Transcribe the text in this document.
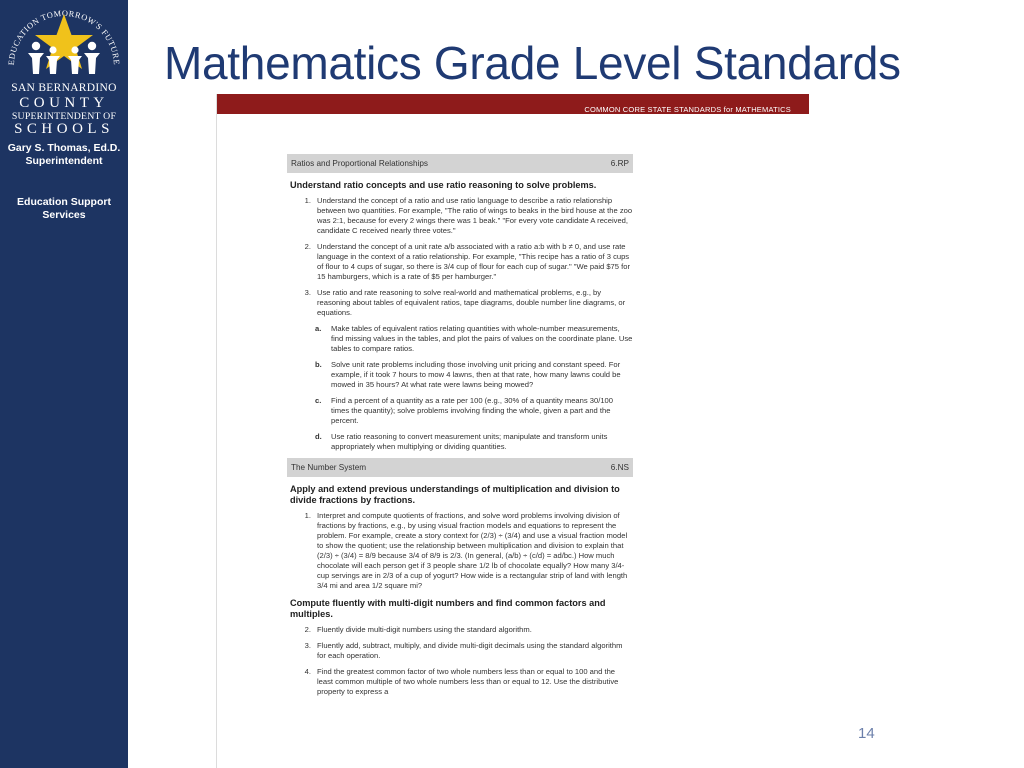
EDUCATION TOMORROW'S FUTURE
SAN BERNARDINO
COUNTY
SUPERINTENDENT OF
SCHOOLS
Gary S. Thomas, Ed.D.
Superintendent
Education Support
Services
Mathematics Grade Level Standards
COMMON CORE STATE STANDARDS for MATHEMATICS
Ratios and Proportional Relationships	6.RP
Understand ratio concepts and use ratio reasoning to solve problems.
1. Understand the concept of a ratio and use ratio language to describe a ratio relationship between two quantities. For example, "The ratio of wings to beaks in the bird house at the zoo was 2:1, because for every 2 wings there was 1 beak." "For every vote candidate A received, candidate C received nearly three votes."
2. Understand the concept of a unit rate a/b associated with a ratio a:b with b ≠ 0, and use rate language in the context of a ratio relationship. For example, "This recipe has a ratio of 3 cups of flour to 4 cups of sugar, so there is 3/4 cup of flour for each cup of sugar." "We paid $75 for 15 hamburgers, which is a rate of $5 per hamburger."
3. Use ratio and rate reasoning to solve real-world and mathematical problems, e.g., by reasoning about tables of equivalent ratios, tape diagrams, double number line diagrams, or equations.
a.	Make tables of equivalent ratios relating quantities with whole-number measurements, find missing values in the tables, and plot the pairs of values on the coordinate plane. Use tables to compare ratios.
b.	Solve unit rate problems including those involving unit pricing and constant speed. For example, if it took 7 hours to mow 4 lawns, then at that rate, how many lawns could be mowed in 35 hours? At what rate were lawns being mowed?
c.	Find a percent of a quantity as a rate per 100 (e.g., 30% of a quantity means 30/100 times the quantity); solve problems involving finding the whole, given a part and the percent.
d.	Use ratio reasoning to convert measurement units; manipulate and transform units appropriately when multiplying or dividing quantities.
The Number System	6.NS
Apply and extend previous understandings of multiplication and division to divide fractions by fractions.
1. Interpret and compute quotients of fractions, and solve word problems involving division of fractions by fractions, e.g., by using visual fraction models and equations to represent the problem. For example, create a story context for (2/3) ÷ (3/4) and use a visual fraction model to show the quotient; use the relationship between multiplication and division to explain that (2/3) ÷ (3/4) = 8/9 because 3/4 of 8/9 is 2/3. (In general, (a/b) ÷ (c/d) = ad/bc.) How much chocolate will each person get if 3 people share 1/2 lb of chocolate equally? How many 3/4-cup servings are in 2/3 of a cup of yogurt? How wide is a rectangular strip of land with length 3/4 mi and area 1/2 square mi?
Compute fluently with multi-digit numbers and find common factors and multiples.
2. Fluently divide multi-digit numbers using the standard algorithm.
3. Fluently add, subtract, multiply, and divide multi-digit decimals using the standard algorithm for each operation.
4. Find the greatest common factor of two whole numbers less than or equal to 100 and the least common multiple of two whole numbers less than or equal to 12. Use the distributive property to express a
14
